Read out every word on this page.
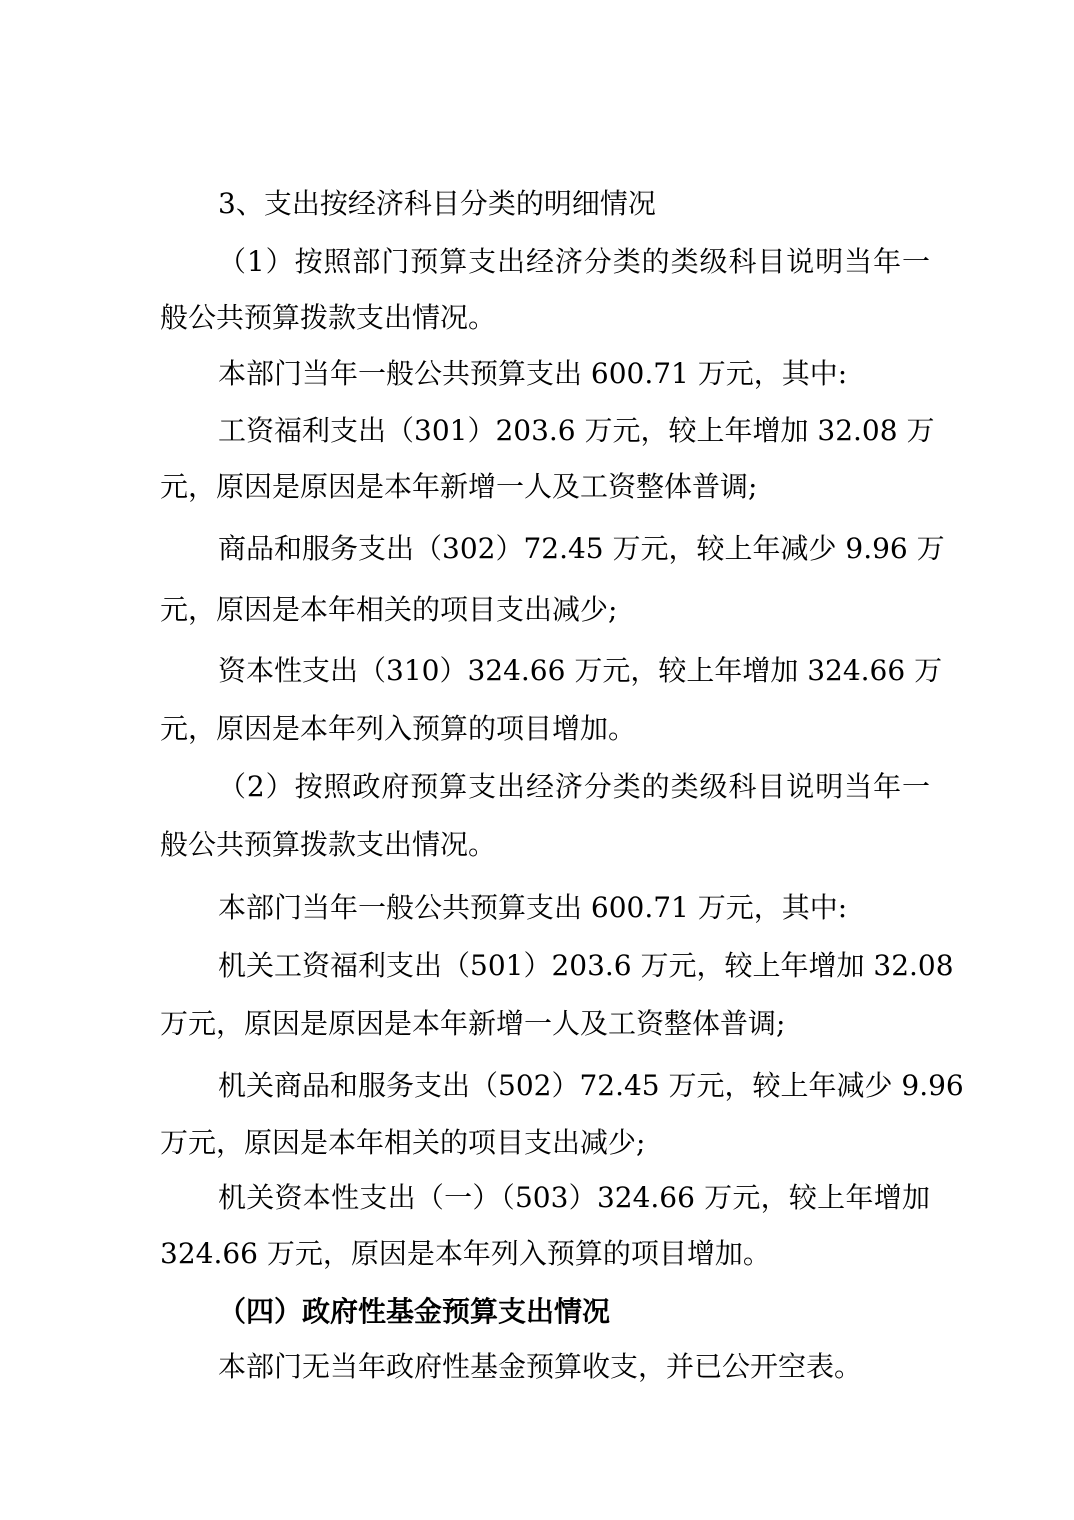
3、支出按经济科目分类的明细情况
（1）按照部门预算支出经济分类的类级科目说明当年一
般公共预算拨款支出情况。
本部门当年一般公共预算支出 600.71 万元，其中:
工资福利支出（301）203.6 万元，较上年增加 32.08 万
元，原因是原因是本年新增一人及工资整体普调;
商品和服务支出（302）72.45 万元，较上年减少 9.96 万
元，原因是本年相关的项目支出减少;
资本性支出（310）324.66 万元，较上年增加 324.66 万
元，原因是本年列入预算的项目增加。
（2）按照政府预算支出经济分类的类级科目说明当年一
般公共预算拨款支出情况。
本部门当年一般公共预算支出 600.71 万元，其中:
机关工资福利支出（501）203.6 万元，较上年增加 32.08
万元，原因是原因是本年新增一人及工资整体普调;
机关商品和服务支出（502）72.45 万元，较上年减少 9.96
万元，原因是本年相关的项目支出减少;
机关资本性支出（一）（503）324.66 万元，较上年增加
324.66 万元，原因是本年列入预算的项目增加。
（四）政府性基金预算支出情况
本部门无当年政府性基金预算收支，并已公开空表。
